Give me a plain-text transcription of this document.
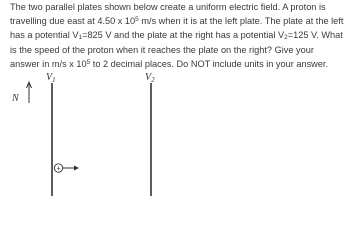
The two parallel plates shown below create a uniform electric field. A proton is travelling due east at 4.50 x $10^5$ m/s when it is at the left plate. The plate at the left has a potential $V_1=825$ V and the plate at the right has a potential $V_2=125$ V. What is the speed of the proton when it reaches the plate on the right? Give your answer in m/s x $10^5$ to 2 decimal places. Do NOT include units in your answer.
N
$V_1$	$V_2$
+
